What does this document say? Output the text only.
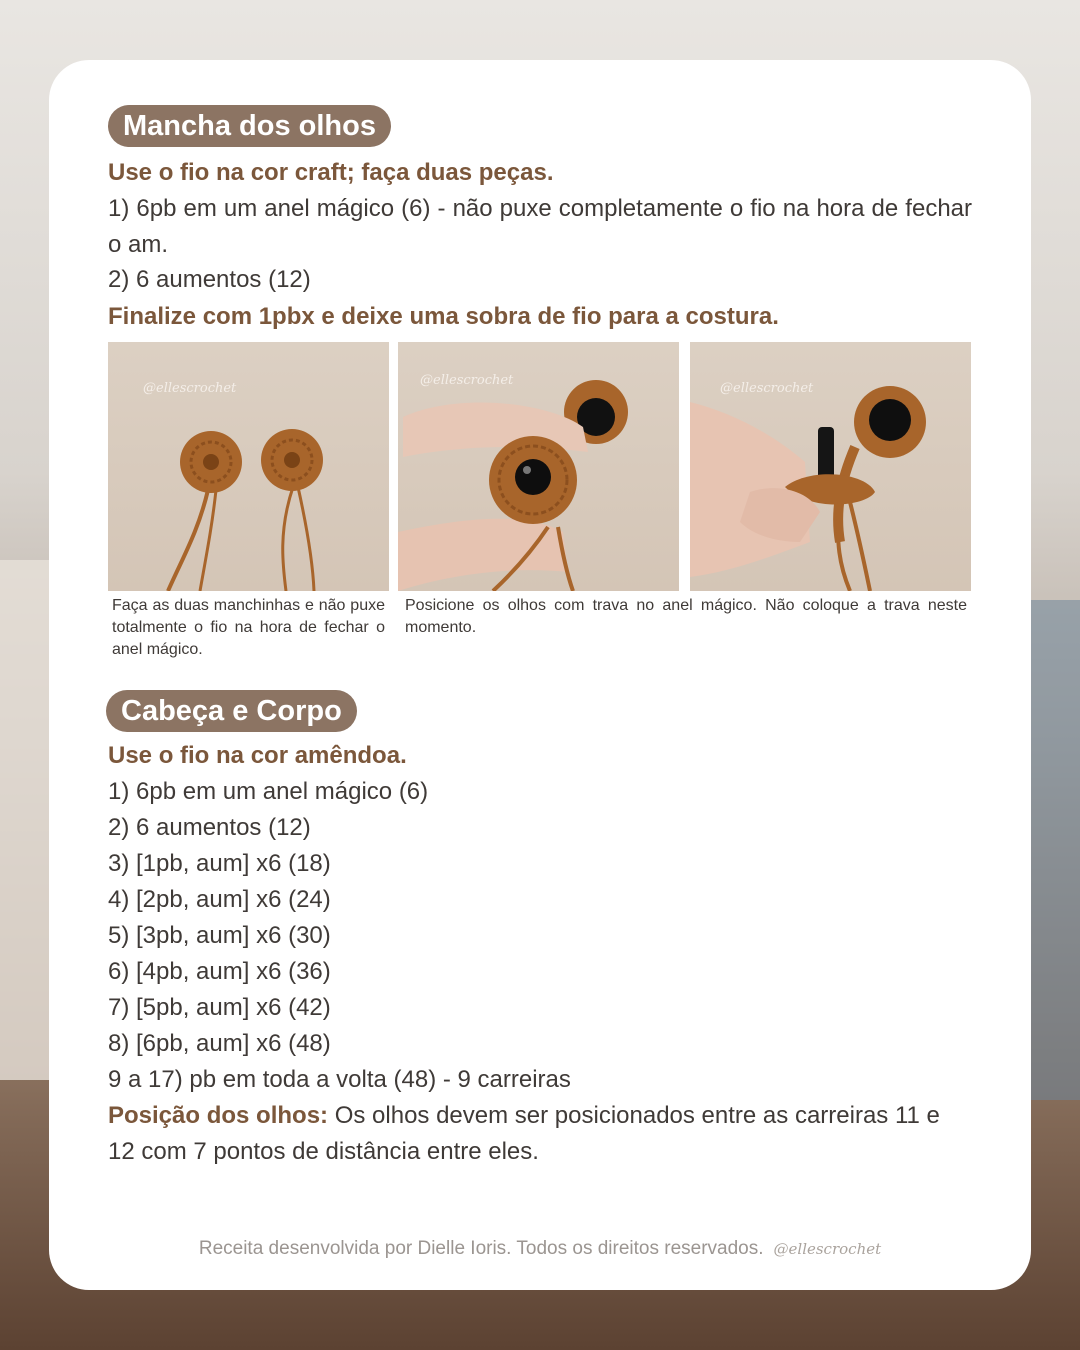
Mancha dos olhos
Use o fio na cor craft; faça duas peças.
1) 6pb em um anel mágico (6) - não puxe completamente o fio na hora de fechar o am.
2) 6 aumentos (12)
Finalize com 1pbx e deixe uma sobra de fio para a costura.
@ellescrochet
@ellescrochet
@ellescrochet
Faça as duas manchinhas e não puxe totalmente o fio na hora de fechar o anel mágico.
Posicione os olhos com trava no anel mágico. Não coloque a trava neste momento.
Cabeça e Corpo
Use o fio na cor amêndoa.
1) 6pb em um anel mágico (6)
2) 6 aumentos (12)
3) [1pb, aum] x6 (18)
4) [2pb, aum] x6 (24)
5) [3pb, aum] x6 (30)
6) [4pb, aum] x6 (36)
7) [5pb, aum] x6 (42)
8) [6pb, aum] x6 (48)
9 a 17) pb em toda a volta (48) - 9 carreiras
Posição dos olhos: Os olhos devem ser posicionados entre as carreiras 11 e 12 com 7 pontos de distância entre eles.
Receita desenvolvida por Dielle Ioris. Todos os direitos reservados. @ellescrochet
